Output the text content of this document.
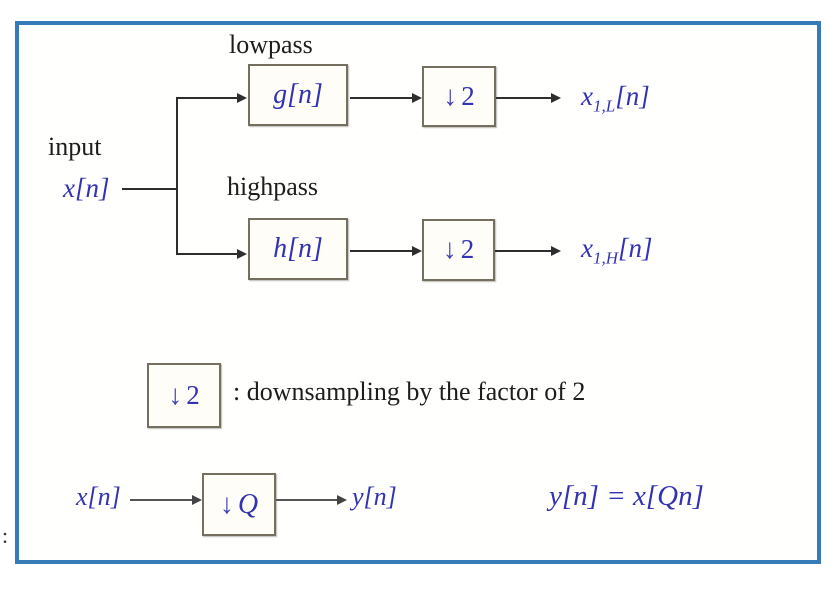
:
lowpass
input
highpass
x[n]
g[n]	↓ 2	$x_{1,L}[n]$
h[n]	↓ 2	$x_{1,H}[n]$
↓ 2 : downsampling by the factor of 2
x[n]	↓ Q	y[n]	y[n] = x[Qn]
